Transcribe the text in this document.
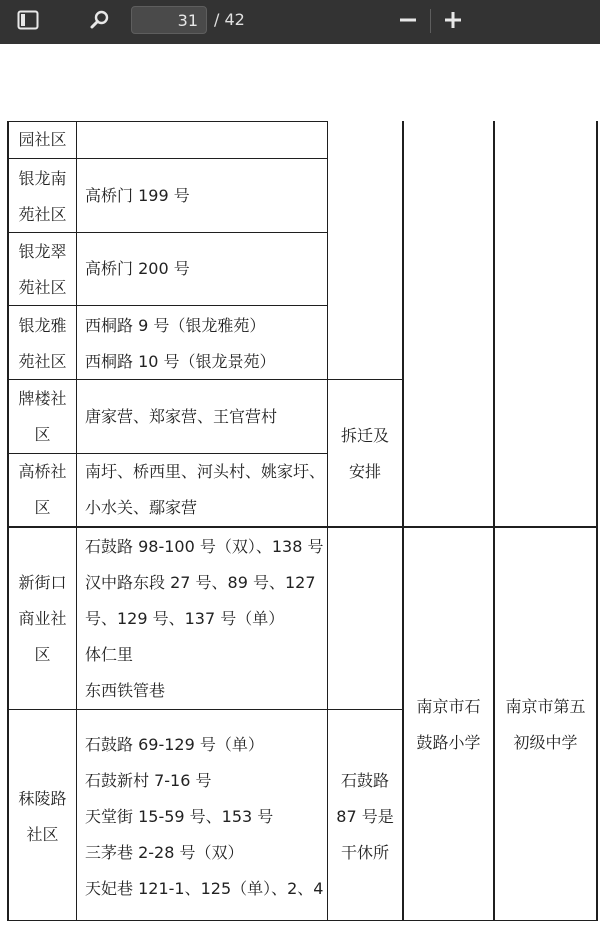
31	/ 42
园社区
银龙南
苑社区
高桥门 199 号
银龙翠
苑社区
高桥门 200 号
银龙雅
苑社区
西桐路 9 号（银龙雅苑）
西桐路 10 号（银龙景苑）
牌楼社
区
唐家营、郑家营、王官营村
高桥社
区
南圩、桥西里、河头村、姚家圩、
小水关、鄢家营
拆迁及
安排
新街口
商业社
区
石鼓路 98-100 号（双）、138 号
汉中路东段 27 号、89 号、127
号、129 号、137 号（单）
体仁里
东西铁管巷
秣陵路
社区
石鼓路 69-129 号（单）
石鼓新村 7-16 号
天堂街 15-59 号、153 号
三茅巷 2-28 号（双）
天妃巷 121-1、125（单）、2、4
石鼓路
87 号是
干休所
南京市石
鼓路小学
南京市第五
初级中学
